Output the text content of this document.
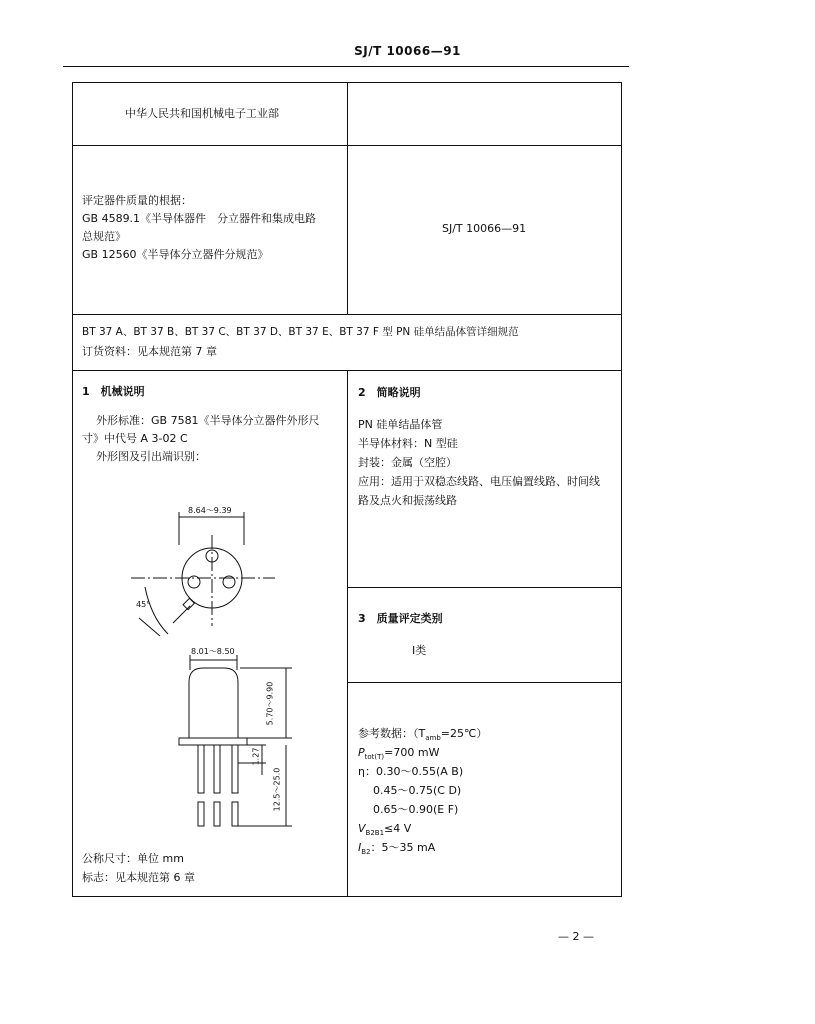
SJ/T 10066—91
中华人民共和国机械电子工业部
评定器件质量的根据：
GB 4589.1《半导体器件　分立器件和集成电路
总规范》
GB 12560《半导体分立器件分规范》
SJ/T 10066—91
BT 37 A、BT 37 B、BT 37 C、BT 37 D、BT 37 E、BT 37 F 型 PN 硅单结晶体管详细规范
订货资料：见本规范第 7 章
1　机械说明
外形标准：GB 7581《半导体分立器件外形尺
寸》中代号 A 3-02 C
外形图及引出端识别：
8.64～9.39
45°
8.01～8.50
5.70～9.90
1.27
12.5～25.0
公称尺寸：单位 mm
标志：见本规范第 6 章
2　简略说明
PN 硅单结晶体管
半导体材料：N 型硅
封装：金属（空腔）
应用：适用于双稳态线路、电压偏置线路、时间线
路及点火和振荡线路
3　质量评定类别
Ⅰ类
参考数据：$(T_{amb}=25℃)$
$P_{tot(T)}=700$ mW
η：0.30～0.55(A B)
0.45～0.75(C D)
0.65～0.90(E F)
$V_{B2B1}\le 4$ V
$I_{B2}$：5～35 mA
— 2 —
